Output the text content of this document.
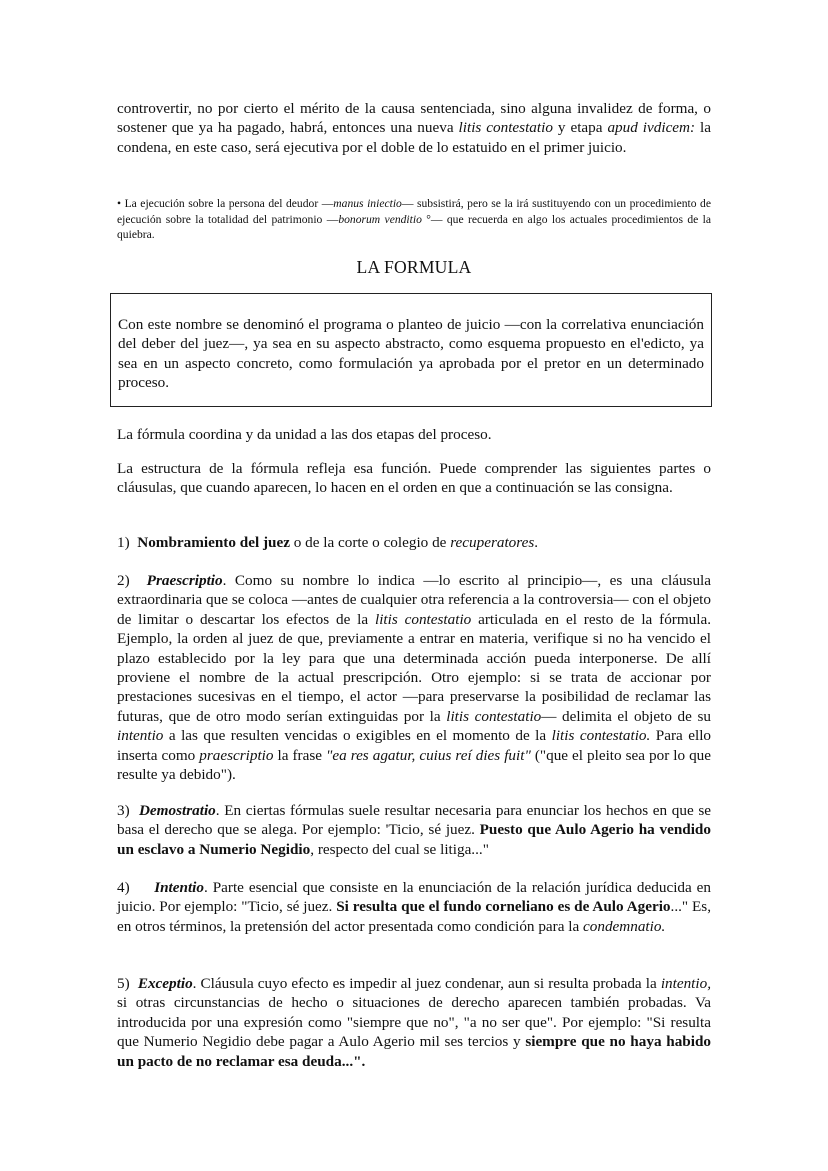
controvertir, no por cierto el mérito de la causa sentenciada, sino alguna invalidez de forma, o sostener que ya ha pagado, habrá, entonces una nueva litis contestatio y etapa apud ivdicem: la condena, en este caso, será ejecutiva por el doble de lo estatuido en el primer juicio.

• La ejecución sobre la persona del deudor —manus iniectio— subsistirá, pero se la irá sustituyendo con un procedimiento de ejecución sobre la totalidad del patrimonio —bonorum venditio °— que recuerda en algo los actuales procedimientos de la quiebra.

LA FORMULA

Con este nombre se denominó el programa o planteo de juicio —con la correlativa enunciación del deber del juez—, ya sea en su aspecto abstracto, como esquema propuesto en el'edicto, ya sea en un aspecto concreto, como formulación ya aprobada por el pretor en un determinado proceso.

La fórmula coordina y da unidad a las dos etapas del proceso.

La estructura de la fórmula refleja esa función. Puede comprender las siguientes partes o cláusulas, que cuando aparecen, lo hacen en el orden en que a continuación se las consigna.

1)  Nombramiento del juez o de la corte o colegio de recuperatores.

2)  Praescriptio. Como su nombre lo indica —lo escrito al principio—, es una cláusula extraordinaria que se coloca —antes de cualquier otra referencia a la controversia— con el objeto de limitar o descartar los efectos de la litis contestatio articulada en el resto de la fórmula. Ejemplo, la orden al juez de que, previamente a entrar en materia, verifique si no ha vencido el plazo establecido por la ley para que una determinada acción pueda interponerse. De allí proviene el nombre de la actual prescripción. Otro ejemplo: si se trata de accionar por prestaciones sucesivas en el tiempo, el actor —para preservarse la posibilidad de reclamar las futuras, que de otro modo serían extinguidas por la litis contestatio— delimita el objeto de su intentio a las que resulten vencidas o exigibles en el momento de la litis contestatio. Para ello inserta como praescriptio la frase "ea res agatur, cuius reí dies fuit" ("que el pleito sea por lo que resulte ya debido").

3)  Demostratio. En ciertas fórmulas suele resultar necesaria para enunciar los hechos en que se basa el derecho que se alega. Por ejemplo: 'Ticio, sé juez. Puesto que Aulo Agerio ha vendido un esclavo a Numerio Negidio, respecto del cual se litiga..."

4)     Intentio. Parte esencial que consiste en la enunciación de la relación jurídica deducida en juicio. Por ejemplo: "Ticio, sé juez. Si resulta que el fundo corneliano es de Aulo Agerio..." Es, en otros términos, la pretensión del actor presentada como condición para la condemnatio.

5)  Exceptio. Cláusula cuyo efecto es impedir al juez condenar, aun si resulta probada la intentio, si otras circunstancias de hecho o situaciones de derecho aparecen también probadas. Va introducida por una expresión como "siempre que no", "a no ser que". Por ejemplo: "Si resulta que Numerio Negidio debe pagar a Aulo Agerio mil ses tercios y siempre que no haya habido un pacto de no reclamar esa deuda...".
